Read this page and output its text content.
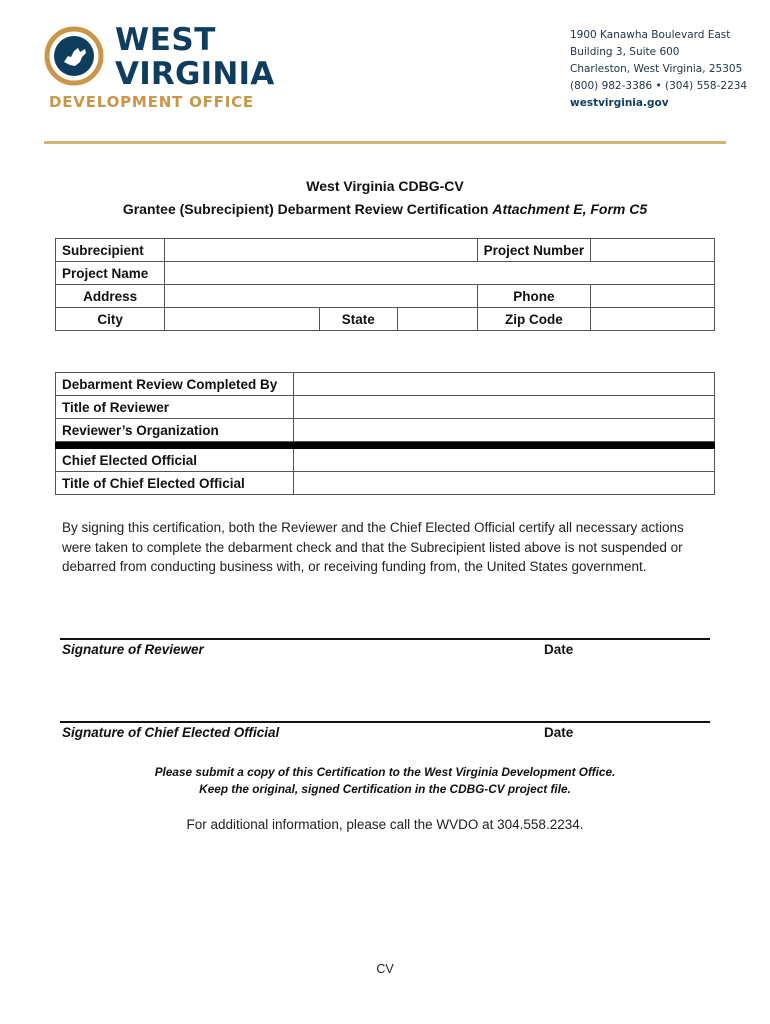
WEST
VIRGINIA
DEVELOPMENT OFFICE
1900 Kanawha Boulevard East
Building 3, Suite 600
Charleston, West Virginia, 25305
(800) 982-3386 • (304) 558-2234
westvirginia.gov
West Virginia CDBG-CV
Grantee (Subrecipient) Debarment Review Certification Attachment E, Form C5
Subrecipient				Project Number	
Project Name					
Address				Phone	
City		State		Zip Code	
Debarment Review Completed By	
Title of Reviewer	
Reviewer’s Organization	

Chief Elected Official	
Title of Chief Elected Official	
By signing this certification, both the Reviewer and the Chief Elected Official certify all necessary actions were taken to complete the debarment check and that the Subrecipient listed above is not suspended or debarred from conducting business with, or receiving funding from, the United States government.
Signature of Reviewer	Date
Signature of Chief Elected Official	Date
Please submit a copy of this Certification to the West Virginia Development Office.
Keep the original, signed Certification in the CDBG-CV project file.
For additional information, please call the WVDO at 304.558.2234.
CV
